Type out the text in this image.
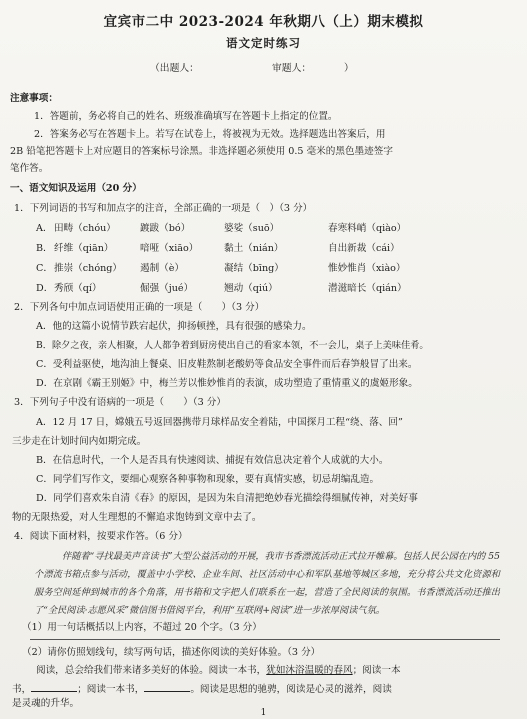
宜宾市二中 2023-2024 年秋期八（上）期末模拟
语文定时练习
（出题人：	审题人：	）
注意事项：
1．答题前，务必将自己的姓名、班级准确填写在答题卡上指定的位置。
2．答案务必写在答题卡上。若写在试卷上，将被视为无效。选择题选出答案后，用
2B 铅笔把答题卡上对应题目的答案标号涂黑。非选择题必须使用 0.5 毫米的黑色墨迹签字
笔作答。
一、语文知识及运用（20 分）
1．下列词语的书写和加点字的注音，全部正确的一项是（　）（3 分）
A． 田畴（chóu）	踱跋（bó）	婆娑（suō）	春寒料峭（qiào）
B． 纤维（qiān）	喑哑（xiāo）	黏土（nián）	自出新裁（cái）
C． 推崇（chóng） 遏制（è）	凝结（bīng）	惟妙惟肖（xiào）
D． 秀颀（qí）	倔强（jué）	翘动（qiú）	潜滋暗长（qián）
2．下列各句中加点词语使用正确的一项是（　　）（3 分）
A．他的这篇小说情节跌宕起伏，抑扬顿挫，具有很强的感染力。
B．除夕之夜，亲人相聚，人人都争着到厨房使出自己的看家本领，不一会儿，桌子上美味佳肴。
C．受利益驱使，地沟油上餐桌、旧皮鞋熬制老酸奶等食品安全事件而后春笋般冒了出来。
D．在京剧《霸王别姬》中，梅兰芳以惟妙惟肖的表演，成功塑造了重情重义的虞姬形象。
3．下列句子中没有语病的一项是（　　）（3 分）
A．12 月 17 日，嫦娥五号返回器携带月球样品安全着陆，中国探月工程“绕、落、回”
三步走在计划时间内如期完成。
B．在信息时代，一个人是否具有快速阅读、捕捉有效信息决定着个人成就的大小。
C．同学们写作文，要细心观察各种事物和现象，要有真情实感，切忌胡编乱造。
D．同学们喜欢朱自清《春》的原因，是因为朱自清把绝妙春光描绘得细腻传神，对美好事
物的无限热爱，对人生理想的不懈追求饱铸到文章中去了。
4．阅读下面材料，按要求作答。（6 分）
伴随着“寻找最美声音读书”大型公益活动的开展，我市书香漂流活动正式拉开帷幕。包括人民公园在内的 55 个漂流书箱点参与活动，覆盖中小学校、企业车间、社区活动中心和军队基地等城区多地，充分将公共文化资源和服务空间延伸到城市的各个角落，用书箱和文字把人们联系在一起，营造了全民阅读的氛围。书香漂流活动还推出了“全民阅读·志愿风采”微信图书借阅平台，利用“互联网+阅读”进一步浓厚阅读气氛。
（1）用一句话概括以上内容，不超过 20 个字。（3 分）
（2）请你仿照划线句，续写两句话，描述你阅读的美好体验。（3 分）
阅读，总会给我们带来诸多美好的体验。阅读一本书，犹如沐浴温暖的春风；阅读一本
书，	；阅读一本书，	。阅读是思想的驰骋，阅读是心灵的滋养，阅读
是灵魂的升华。
1
